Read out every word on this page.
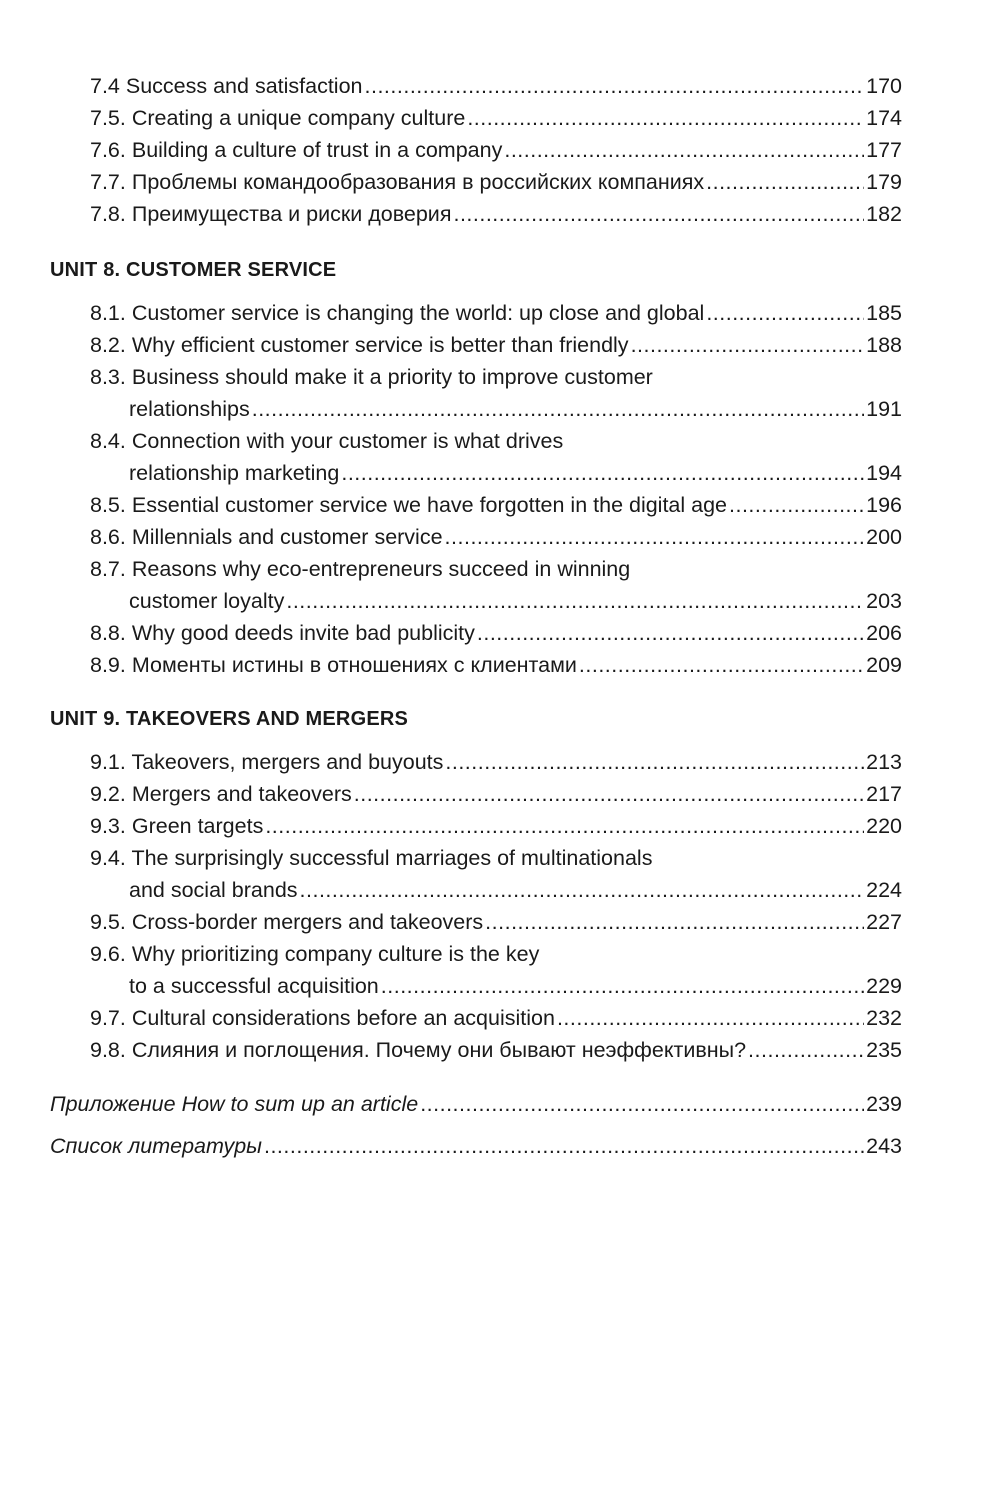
7.4 Success and satisfaction .....	170
7.5. Creating a unique company culture .....	174
7.6. Building a culture of trust in a company .....	177
7.7. Проблемы командообразования в российских компаниях .....	179
7.8. Преимущества и риски доверия .....	182
UNIT 8. CUSTOMER SERVICE
8.1. Customer service is changing the world: up close and global .....	185
8.2. Why efficient customer service is better than friendly .....	188
8.3. Business should make it a priority to improve customer
relationships .....	191
8.4. Connection with your customer is what drives
relationship marketing .....	194
8.5. Essential customer service we have forgotten in the digital age .....	196
8.6. Millennials and customer service .....	200
8.7. Reasons why eco-entrepreneurs succeed in winning
customer loyalty .....	203
8.8. Why good deeds invite bad publicity .....	206
8.9. Моменты истины в отношениях с клиентами .....	209
UNIT 9. TAKEOVERS AND MERGERS
9.1. Takeovers, mergers and buyouts .....	213
9.2. Mergers and takeovers .....	217
9.3. Green targets .....	220
9.4. The surprisingly successful marriages of multinationals
and social brands .....	224
9.5. Cross-border mergers and takeovers .....	227
9.6. Why prioritizing company culture is the key
to a successful acquisition .....	229
9.7. Cultural considerations before an acquisition .....	232
9.8. Слияния и поглощения. Почему они бывают неэффективны? .....	235
Приложение How to sum up an article .....	239
Список литературы .....	243
